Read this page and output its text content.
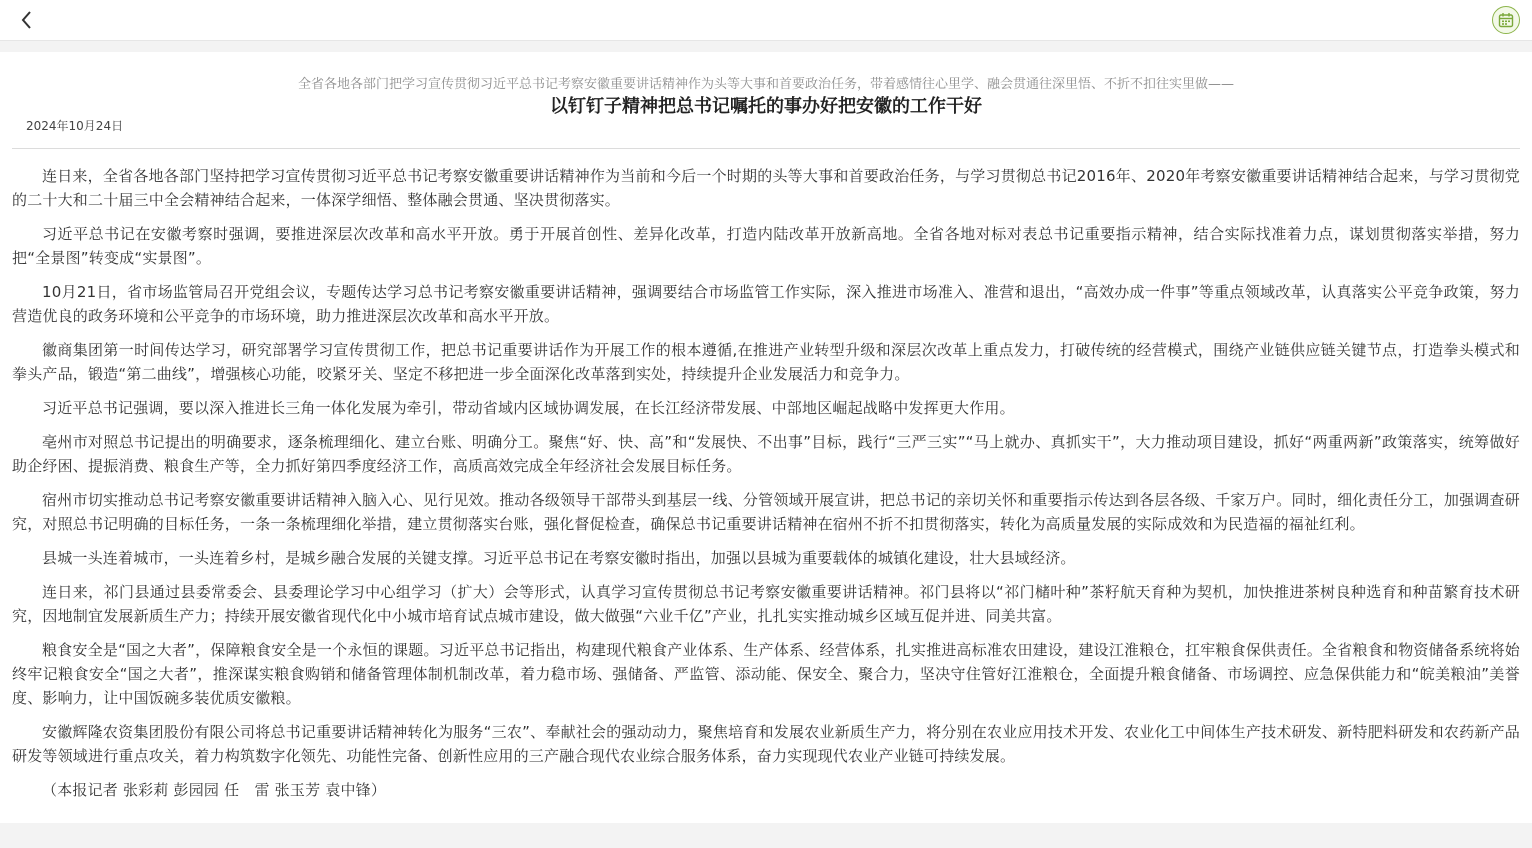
全省各地各部门把学习宣传贯彻习近平总书记考察安徽重要讲话精神作为头等大事和首要政治任务，带着感情往心里学、融会贯通往深里悟、不折不扣往实里做——
以钉钉子精神把总书记嘱托的事办好把安徽的工作干好
2024年10月24日

连日来，全省各地各部门坚持把学习宣传贯彻习近平总书记考察安徽重要讲话精神作为当前和今后一个时期的头等大事和首要政治任务，与学习贯彻总书记2016年、2020年考察安徽重要讲话精神结合起来，与学习贯彻党的二十大和二十届三中全会精神结合起来，一体深学细悟、整体融会贯通、坚决贯彻落实。

习近平总书记在安徽考察时强调，要推进深层次改革和高水平开放。勇于开展首创性、差异化改革，打造内陆改革开放新高地。全省各地对标对表总书记重要指示精神，结合实际找准着力点，谋划贯彻落实举措，努力把“全景图”转变成“实景图”。

10月21日，省市场监管局召开党组会议，专题传达学习总书记考察安徽重要讲话精神，强调要结合市场监管工作实际，深入推进市场准入、准营和退出，“高效办成一件事”等重点领域改革，认真落实公平竞争政策，努力营造优良的政务环境和公平竞争的市场环境，助力推进深层次改革和高水平开放。

徽商集团第一时间传达学习，研究部署学习宣传贯彻工作，把总书记重要讲话作为开展工作的根本遵循,在推进产业转型升级和深层次改革上重点发力，打破传统的经营模式，围绕产业链供应链关键节点，打造拳头模式和拳头产品，锻造“第二曲线”，增强核心功能，咬紧牙关、坚定不移把进一步全面深化改革落到实处，持续提升企业发展活力和竞争力。

习近平总书记强调，要以深入推进长三角一体化发展为牵引，带动省域内区域协调发展，在长江经济带发展、中部地区崛起战略中发挥更大作用。

亳州市对照总书记提出的明确要求，逐条梳理细化、建立台账、明确分工。聚焦“好、快、高”和“发展快、不出事”目标，践行“三严三实”“马上就办、真抓实干”，大力推动项目建设，抓好“两重两新”政策落实，统筹做好助企纾困、提振消费、粮食生产等，全力抓好第四季度经济工作，高质高效完成全年经济社会发展目标任务。

宿州市切实推动总书记考察安徽重要讲话精神入脑入心、见行见效。推动各级领导干部带头到基层一线、分管领域开展宣讲，把总书记的亲切关怀和重要指示传达到各层各级、千家万户。同时，细化责任分工，加强调查研究，对照总书记明确的目标任务，一条一条梳理细化举措，建立贯彻落实台账，强化督促检查，确保总书记重要讲话精神在宿州不折不扣贯彻落实，转化为高质量发展的实际成效和为民造福的福祉红利。

县城一头连着城市，一头连着乡村，是城乡融合发展的关键支撑。习近平总书记在考察安徽时指出，加强以县城为重要载体的城镇化建设，壮大县域经济。

连日来，祁门县通过县委常委会、县委理论学习中心组学习（扩大）会等形式，认真学习宣传贯彻总书记考察安徽重要讲话精神。祁门县将以“祁门槠叶种”茶籽航天育种为契机，加快推进茶树良种选育和种苗繁育技术研究，因地制宜发展新质生产力；持续开展安徽省现代化中小城市培育试点城市建设，做大做强“六业千亿”产业，扎扎实实推动城乡区域互促并进、同美共富。

粮食安全是“国之大者”，保障粮食安全是一个永恒的课题。习近平总书记指出，构建现代粮食产业体系、生产体系、经营体系，扎实推进高标准农田建设，建设江淮粮仓，扛牢粮食保供责任。全省粮食和物资储备系统将始终牢记粮食安全“国之大者”，推深谋实粮食购销和储备管理体制机制改革，着力稳市场、强储备、严监管、添动能、保安全、聚合力，坚决守住管好江淮粮仓，全面提升粮食储备、市场调控、应急保供能力和“皖美粮油”美誉度、影响力，让中国饭碗多装优质安徽粮。

安徽辉隆农资集团股份有限公司将总书记重要讲话精神转化为服务“三农”、奉献社会的强动动力，聚焦培育和发展农业新质生产力，将分别在农业应用技术开发、农业化工中间体生产技术研发、新特肥料研发和农药新产品研发等领域进行重点攻关，着力构筑数字化领先、功能性完备、创新性应用的三产融合现代农业综合服务体系，奋力实现现代农业产业链可持续发展。

（本报记者 张彩莉 彭园园 任　雷 张玉芳 袁中锋）
